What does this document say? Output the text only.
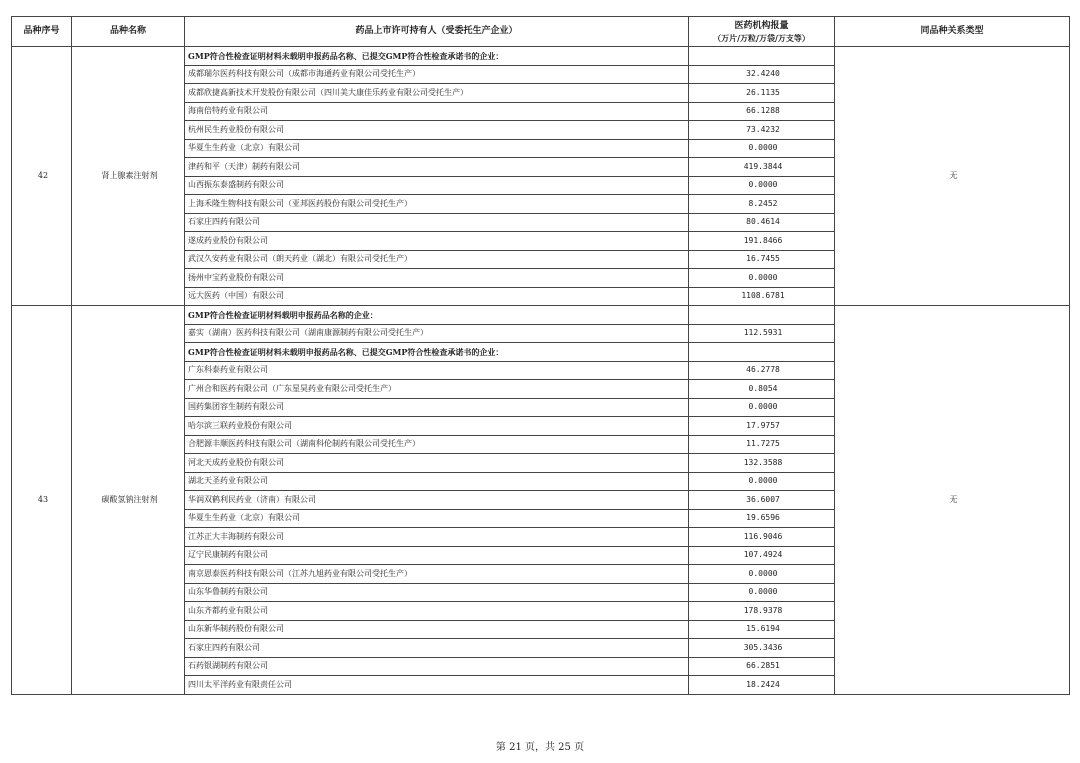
品种序号	品种名称	药品上市许可持有人（受委托生产企业）	医药机构报量
（万片/万粒/万袋/万支等）	同品种关系类型
42	肾上腺素注射剂	GMP符合性检查证明材料未载明申报药品名称、已提交GMP符合性检查承诺书的企业：		无
		成都瑞尔医药科技有限公司（成都市海通药业有限公司受托生产）	32.4240	
		成都欣捷高新技术开发股份有限公司（四川美大康佳乐药业有限公司受托生产）	26.1135	
		海南倍特药业有限公司	66.1288	
		杭州民生药业股份有限公司	73.4232	
		华夏生生药业（北京）有限公司	0.0000	
		津药和平（天津）制药有限公司	419.3844	
		山西振东泰盛制药有限公司	0.0000	
		上海禾隆生物科技有限公司（亚邦医药股份有限公司受托生产）	8.2452	
		石家庄四药有限公司	80.4614	
		遂成药业股份有限公司	191.8466	
		武汉久安药业有限公司（朗天药业（湖北）有限公司受托生产）	16.7455	
		扬州中宝药业股份有限公司	0.0000	
		远大医药（中国）有限公司	1108.6781	
43	碳酸氢钠注射剂	GMP符合性检查证明材料载明申报药品名称的企业：		无
		嘉实（湖南）医药科技有限公司（湖南康源制药有限公司受托生产）	112.5931	
		GMP符合性检查证明材料未载明申报药品名称、已提交GMP符合性检查承诺书的企业：		
		广东科泰药业有限公司	46.2778	
		广州合和医药有限公司（广东星昊药业有限公司受托生产）	0.8054	
		国药集团容生制药有限公司	0.0000	
		哈尔滨三联药业股份有限公司	17.9757	
		合肥源丰顺医药科技有限公司（湖南科伦制药有限公司受托生产）	11.7275	
		河北天成药业股份有限公司	132.3588	
		湖北天圣药业有限公司	0.0000	
		华润双鹤利民药业（济南）有限公司	36.6007	
		华夏生生药业（北京）有限公司	19.6596	
		江苏正大丰海制药有限公司	116.9046	
		辽宁民康制药有限公司	107.4924	
		南京恩泰医药科技有限公司（江苏九旭药业有限公司受托生产）	0.0000	
		山东华鲁制药有限公司	0.0000	
		山东齐都药业有限公司	178.9378	
		山东新华制药股份有限公司	15.6194	
		石家庄四药有限公司	305.3436	
		石药银湖制药有限公司	66.2851	
		四川太平洋药业有限责任公司	18.2424	
第 21 页，共 25 页
